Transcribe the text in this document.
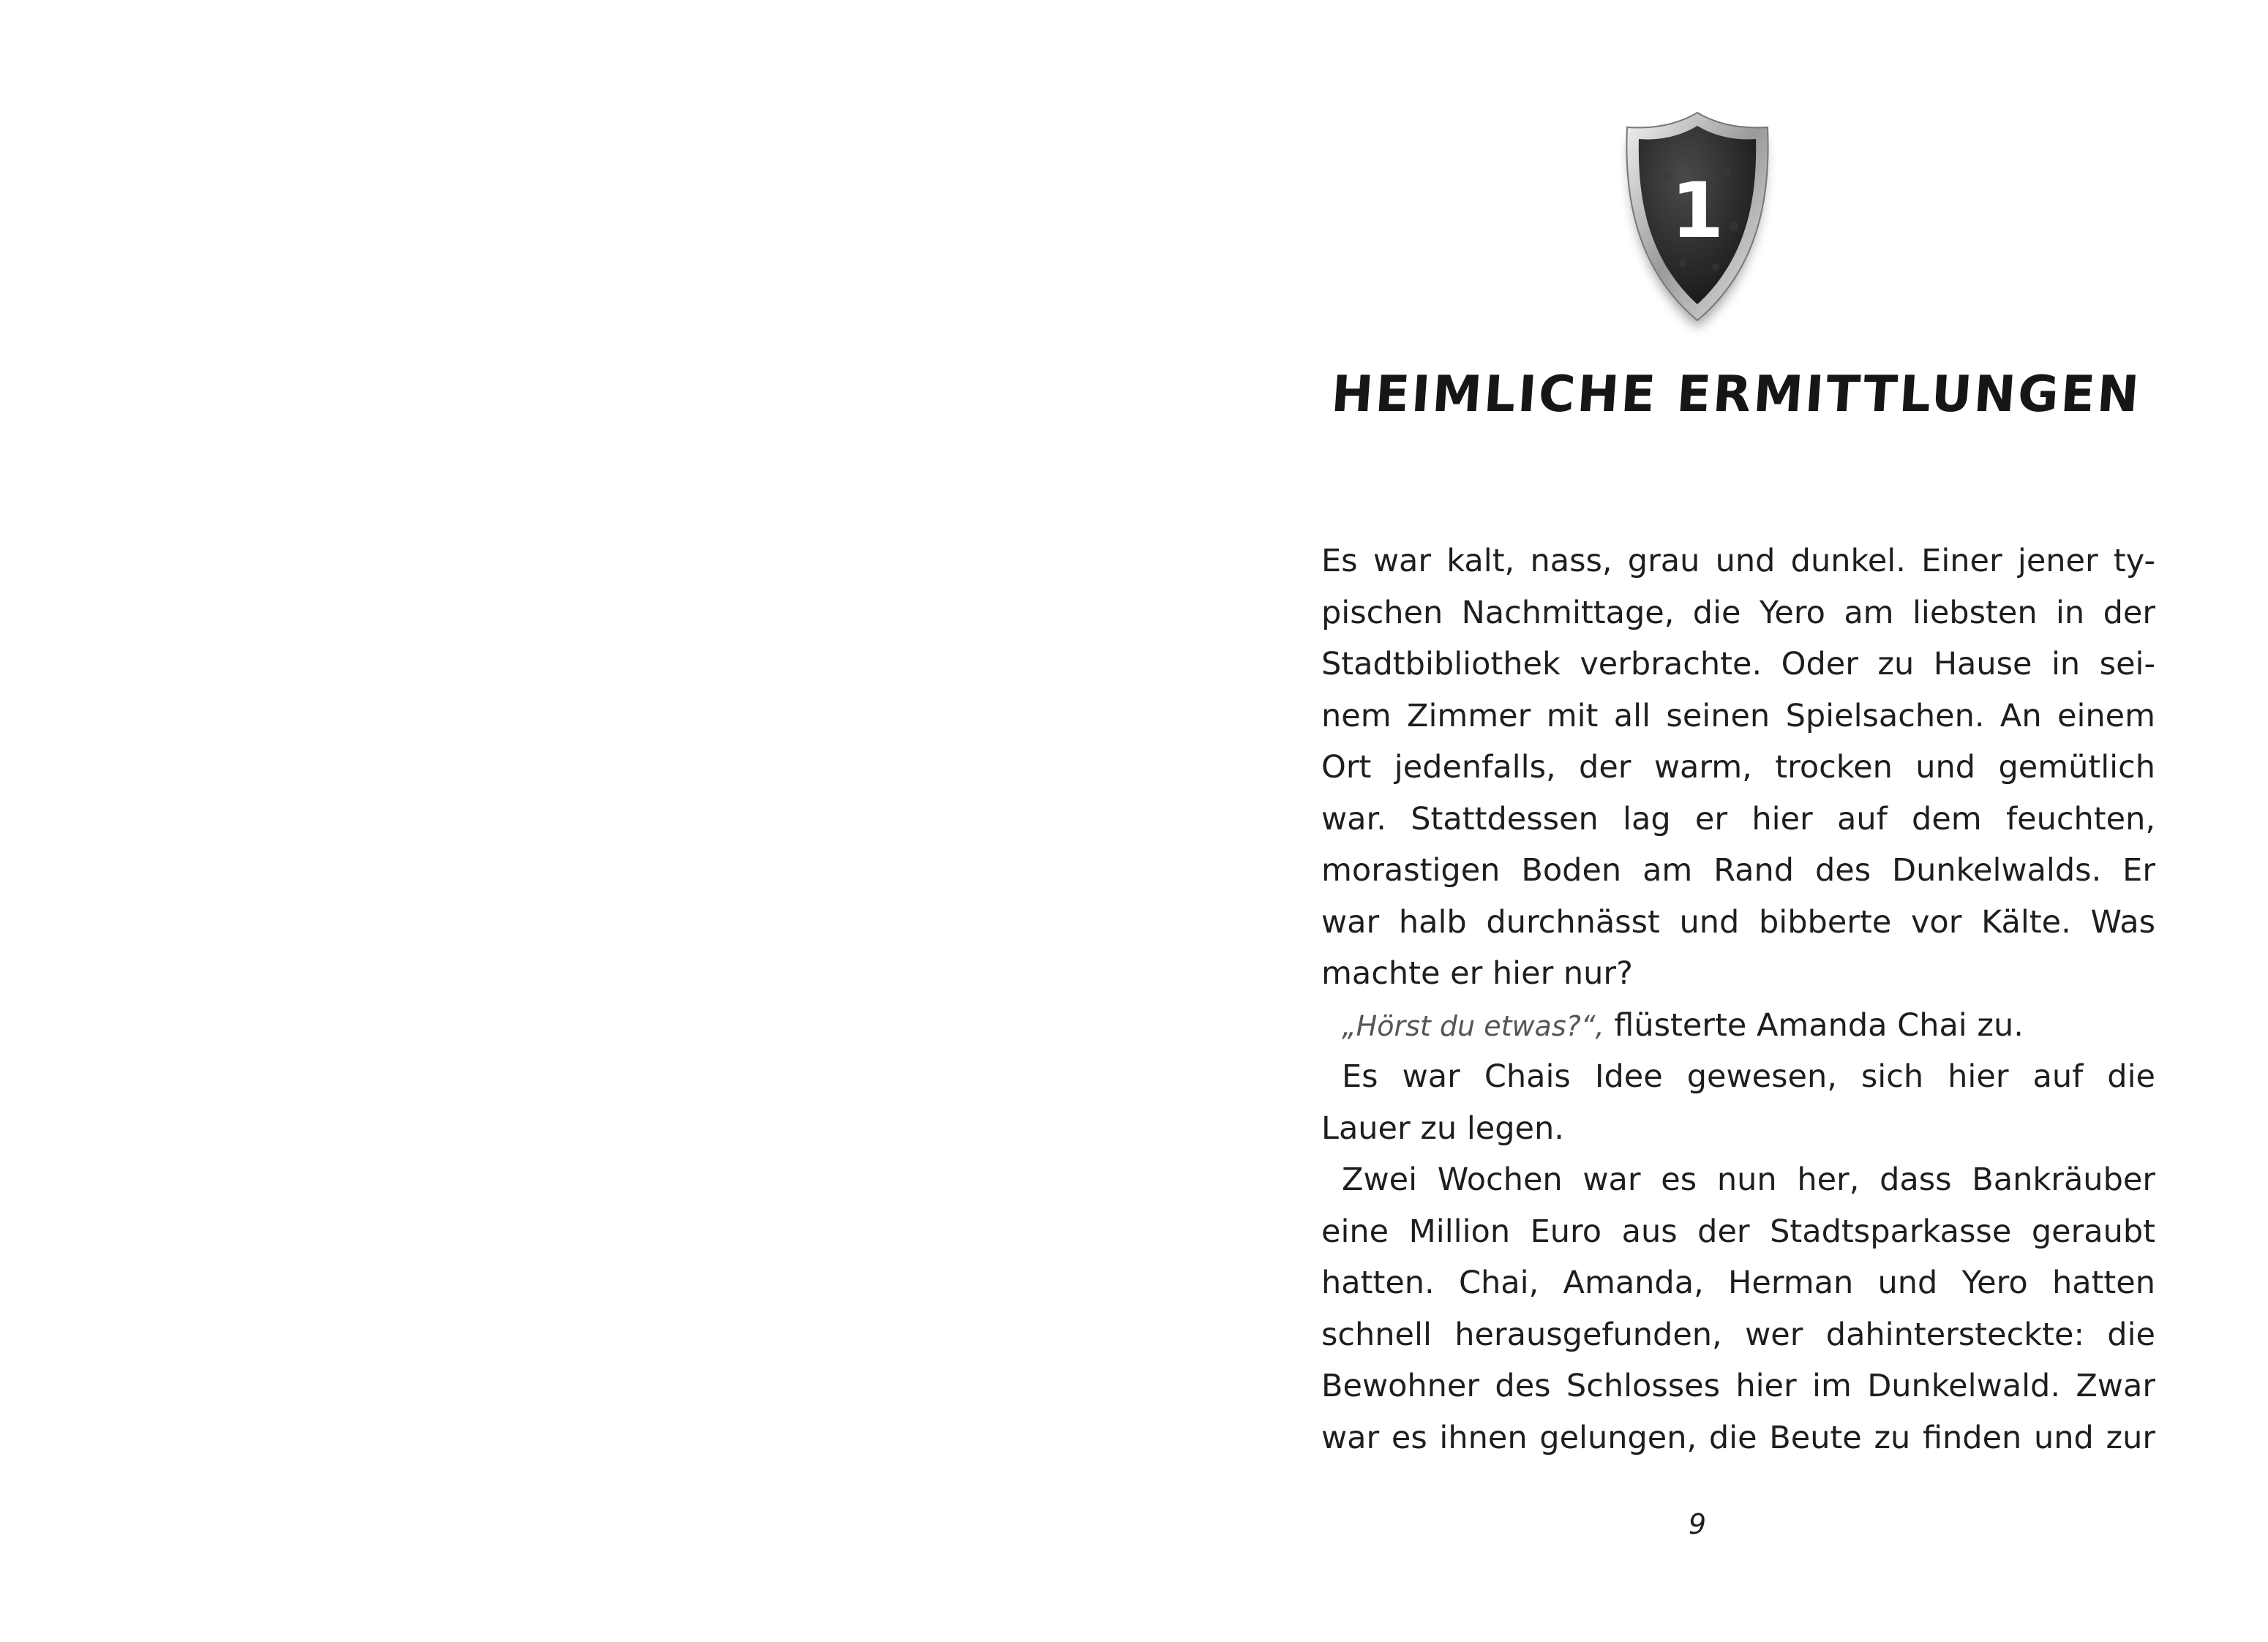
1
HEIMLICHE ERMITTLUNGEN
Es war kalt, nass, grau und dunkel. Einer jener ty-
pischen Nachmittage, die Yero am liebsten in der
Stadtbibliothek verbrachte. Oder zu Hause in sei-
nem Zimmer mit all seinen Spielsachen. An einem
Ort jedenfalls, der warm, trocken und gemütlich
war. Stattdessen lag er hier auf dem feuchten,
morastigen Boden am Rand des Dunkelwalds. Er
war halb durchnässt und bibberte vor Kälte. Was
machte er hier nur?
„Hörst du etwas?“, flüsterte Amanda Chai zu.
Es war Chais Idee gewesen, sich hier auf die
Lauer zu legen.
Zwei Wochen war es nun her, dass Bankräuber
eine Million Euro aus der Stadtsparkasse geraubt
hatten. Chai, Amanda, Herman und Yero hatten
schnell herausgefunden, wer dahintersteckte: die
Bewohner des Schlosses hier im Dunkelwald. Zwar
war es ihnen gelungen, die Beute zu finden und zur
9
